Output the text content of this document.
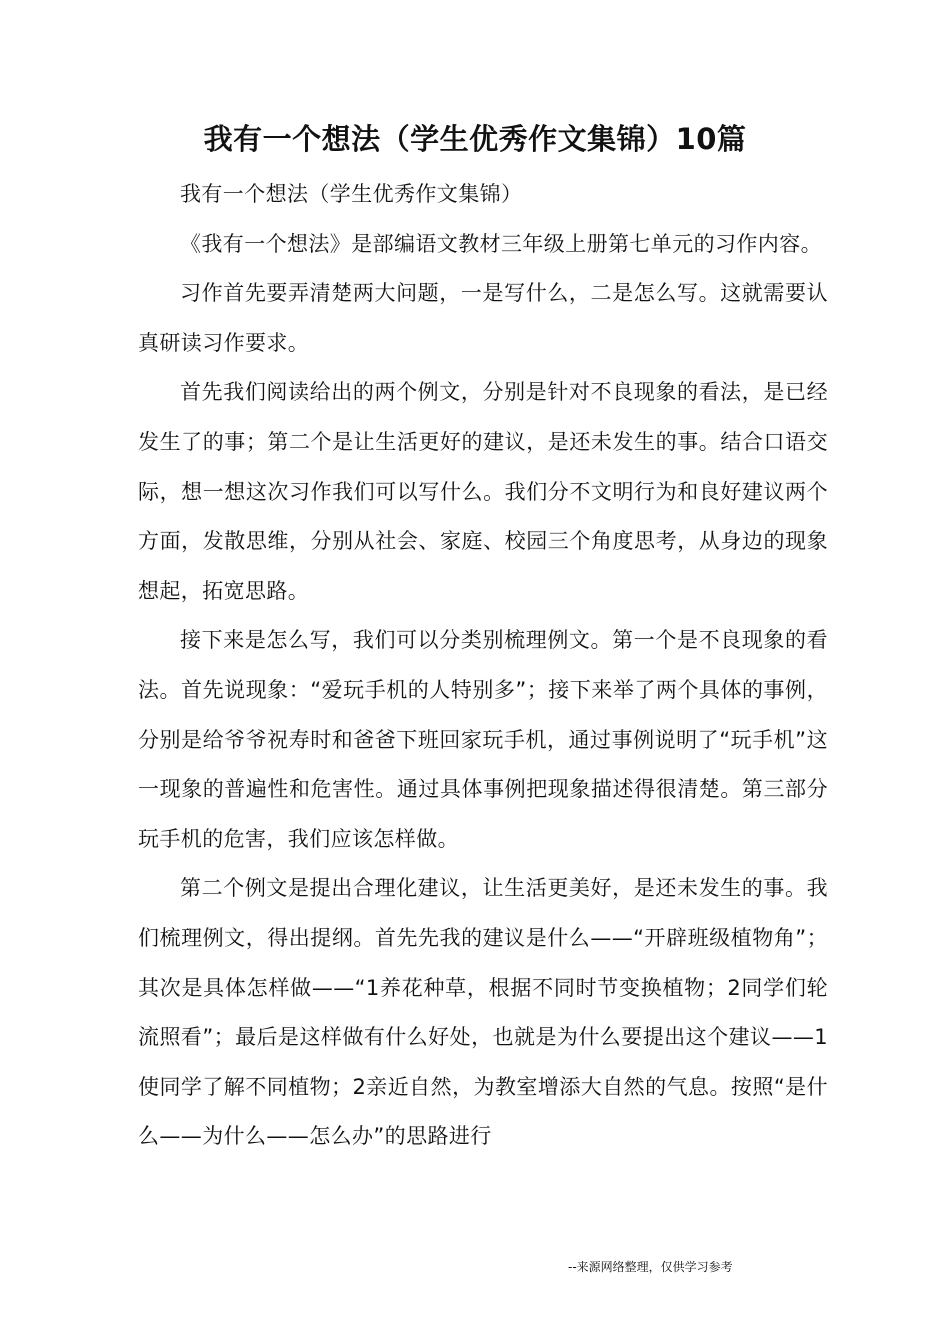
我有一个想法（学生优秀作文集锦）10篇

我有一个想法（学生优秀作文集锦）

《我有一个想法》是部编语文教材三年级上册第七单元的习作内容。

习作首先要弄清楚两大问题，一是写什么，二是怎么写。这就需要认真研读习作要求。

首先我们阅读给出的两个例文，分别是针对不良现象的看法，是已经发生了的事；第二个是让生活更好的建议，是还未发生的事。结合口语交际，想一想这次习作我们可以写什么。我们分不文明行为和良好建议两个方面，发散思维，分别从社会、家庭、校园三个角度思考，从身边的现象想起，拓宽思路。

接下来是怎么写，我们可以分类别梳理例文。第一个是不良现象的看法。首先说现象：“爱玩手机的人特别多”；接下来举了两个具体的事例，分别是给爷爷祝寿时和爸爸下班回家玩手机，通过事例说明了“玩手机”这一现象的普遍性和危害性。通过具体事例把现象描述得很清楚。第三部分玩手机的危害，我们应该怎样做。

第二个例文是提出合理化建议，让生活更美好，是还未发生的事。我们梳理例文，得出提纲。首先先我的建议是什么——“开辟班级植物角”；其次是具体怎样做——“1养花种草，根据不同时节变换植物；2同学们轮流照看”；最后是这样做有什么好处，也就是为什么要提出这个建议——1使同学了解不同植物；2亲近自然，为教室增添大自然的气息。按照“是什么——为什么——怎么办”的思路进行

--来源网络整理，仅供学习参考
